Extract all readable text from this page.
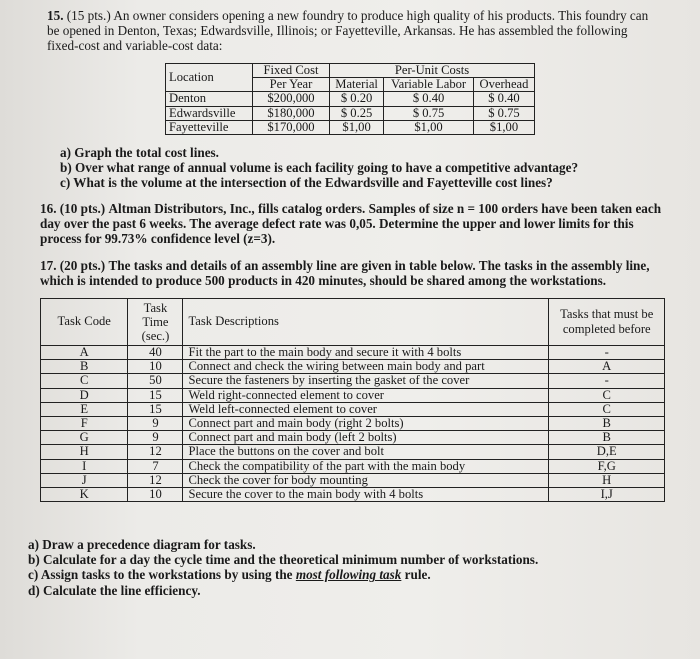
15. (15 pts.) An owner considers opening a new foundry to produce high quality of his products. This foundry can be opened in Denton, Texas; Edwardsville, Illinois; or Fayetteville, Arkansas. He has assembled the following fixed-cost and variable-cost data:

Location	Fixed Cost	Per-Unit Costs		
	Per Year	Material	Variable Labor	Overhead
Denton	$200,000	$ 0.20	$ 0.40	$ 0.40
Edwardsville	$180,000	$ 0.25	$ 0.75	$ 0.75
Fayetteville	$170,000	$1,00	$1,00	$1,00

a) Graph the total cost lines.
b) Over what range of annual volume is each facility going to have a competitive advantage?
c) What is the volume at the intersection of the Edwardsville and Fayetteville cost lines?

16. (10 pts.) Altman Distributors, Inc., fills catalog orders. Samples of size n = 100 orders have been taken each day over the past 6 weeks. The average defect rate was 0,05. Determine the upper and lower limits for this process for 99.73% confidence level (z=3).

17. (20 pts.) The tasks and details of an assembly line are given in table below. The tasks in the assembly line, which is intended to produce 500 products in 420 minutes, should be shared among the workstations.

Task Code	Task
Time
(sec.)	Task Descriptions	Tasks that must be
completed before
A	40	Fit the part to the main body and secure it with 4 bolts	-
B	10	Connect and check the wiring between main body and part	A
C	50	Secure the fasteners by inserting the gasket of the cover	-
D	15	Weld right-connected element to cover	C
E	15	Weld left-connected element to cover	C
F	9	Connect part and main body (right 2 bolts)	B
G	9	Connect part and main body (left 2 bolts)	B
H	12	Place the buttons on the cover and bolt	D,E
I	7	Check the compatibility of the part with the main body	F,G
J	12	Check the cover for body mounting	H
K	10	Secure the cover to the main body with 4 bolts	I,J

a) Draw a precedence diagram for tasks.
b) Calculate for a day the cycle time and the theoretical minimum number of workstations.
c) Assign tasks to the workstations by using the most following task rule.
d) Calculate the line efficiency.
